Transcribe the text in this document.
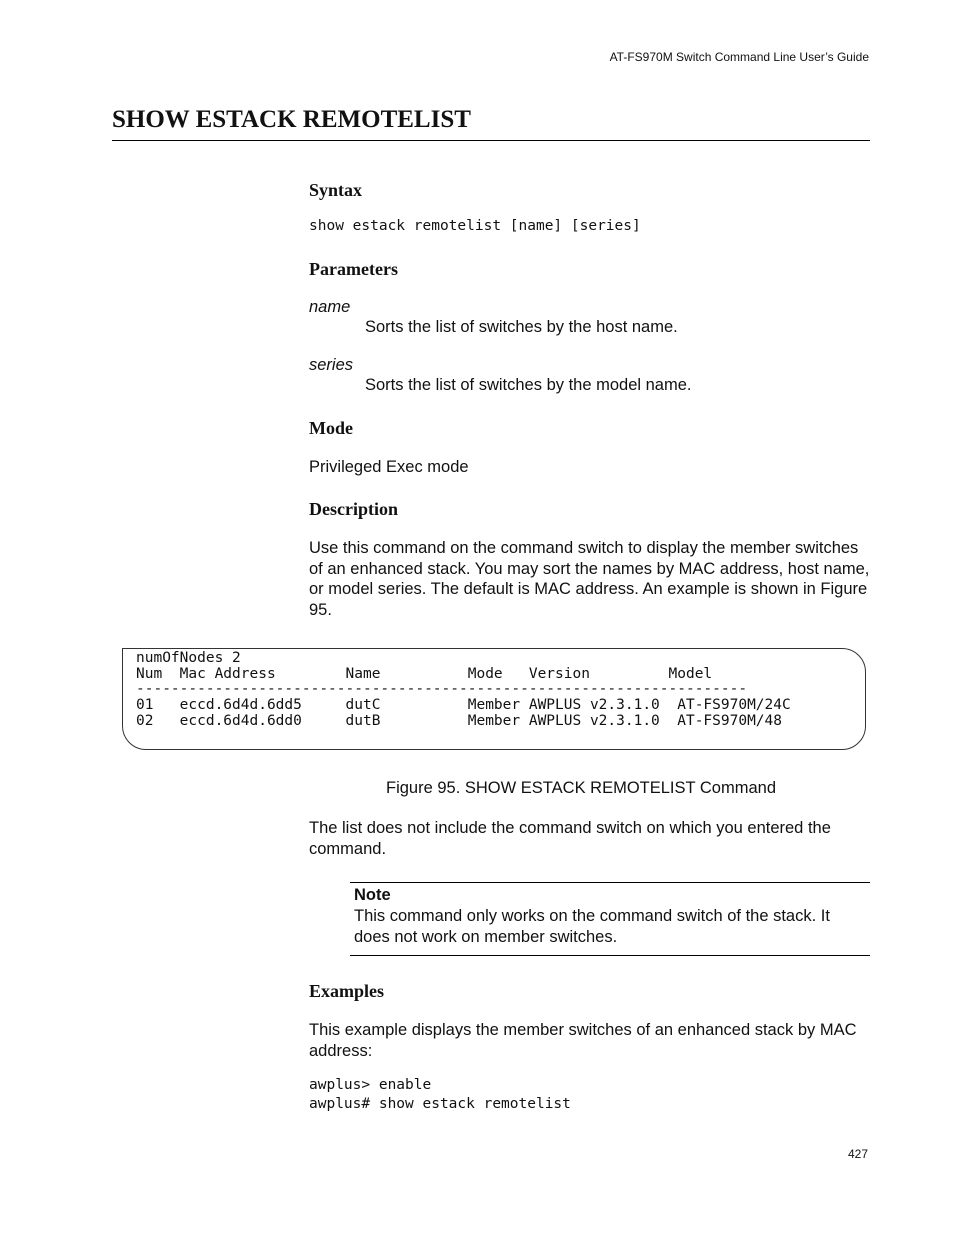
AT-FS970M Switch Command Line User’s Guide
SHOW ESTACK REMOTELIST
Syntax
show estack remotelist [name] [series]
Parameters
name
Sorts the list of switches by the host name.
series
Sorts the list of switches by the model name.
Mode
Privileged Exec mode
Description
Use this command on the command switch to display the member switches of an enhanced stack. You may sort the names by MAC address, host name, or model series. The default is MAC address. An example is shown in Figure 95.
numOfNodes 2
Num  Mac Address        Name          Mode   Version         Model
----------------------------------------------------------------------
01   eccd.6d4d.6dd5     dutC          Member AWPLUS v2.3.1.0  AT-FS970M/24C
02   eccd.6d4d.6dd0     dutB          Member AWPLUS v2.3.1.0  AT-FS970M/48
Figure 95. SHOW ESTACK REMOTELIST Command
The list does not include the command switch on which you entered the command.
Note
This command only works on the command switch of the stack. It does not work on member switches.
Examples
This example displays the member switches of an enhanced stack by MAC address:
awplus> enable
awplus# show estack remotelist
427
